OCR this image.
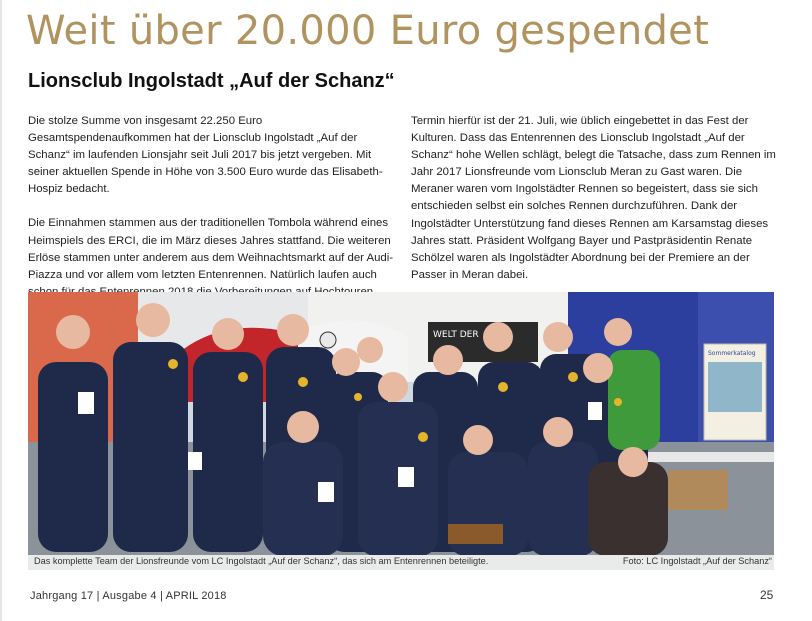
Weit über 20.000 Euro gespendet
Lionsclub Ingolstadt „Auf der Schanz“

Die stolze Summe von insgesamt 22.250 Euro Gesamtspendenaufkommen hat der Lionsclub Ingolstadt „Auf der Schanz“ im laufenden Lionsjahr seit Juli 2017 bis jetzt vergeben. Mit seiner aktuellen Spende in Höhe von 3.500 Euro wurde das Elisabeth-Hospiz bedacht.

Die Einnahmen stammen aus der traditionellen Tombola während eines Heimspiels des ERCI, die im März dieses Jahres stattfand. Die weiteren Erlöse stammen unter anderem aus dem Weihnachtsmarkt auf der Audi-Piazza und vor allem vom letzten Entenrennen. Natürlich laufen auch

Termin hierfür ist der 21. Juli, wie üblich eingebettet in das Fest der Kulturen. Dass das Entenrennen des Lionsclub Ingolstadt „Auf der Schanz“ hohe Wellen schlägt, belegt die Tatsache, dass zum Rennen im Jahr 2017 Lionsfreunde vom Lionsclub Meran zu Gast waren. Die Meraner waren vom Ingolstädter Rennen so begeistert, dass sie sich entschieden selbst ein solches Rennen durchzuführen. Dank der Ingolstädter Unterstützung fand dieses Rennen am Karsamstag dieses Jahres statt. Präsident Wolfgang Bayer und Pastpräsidentin Renate Schölzel waren als Ingolstädter Abordnung bei der Premiere an der Passer in Meran dabei.

WELT DER
Sommerkatalog
Das komplette Team der Lionsfreunde vom LC Ingolstadt „Auf der Schanz“, das sich am Entenrennen beteiligte.	Foto: LC Ingolstadt „Auf der Schanz“
Jahrgang 17 | Ausgabe 4 | APRIL 2018	25
